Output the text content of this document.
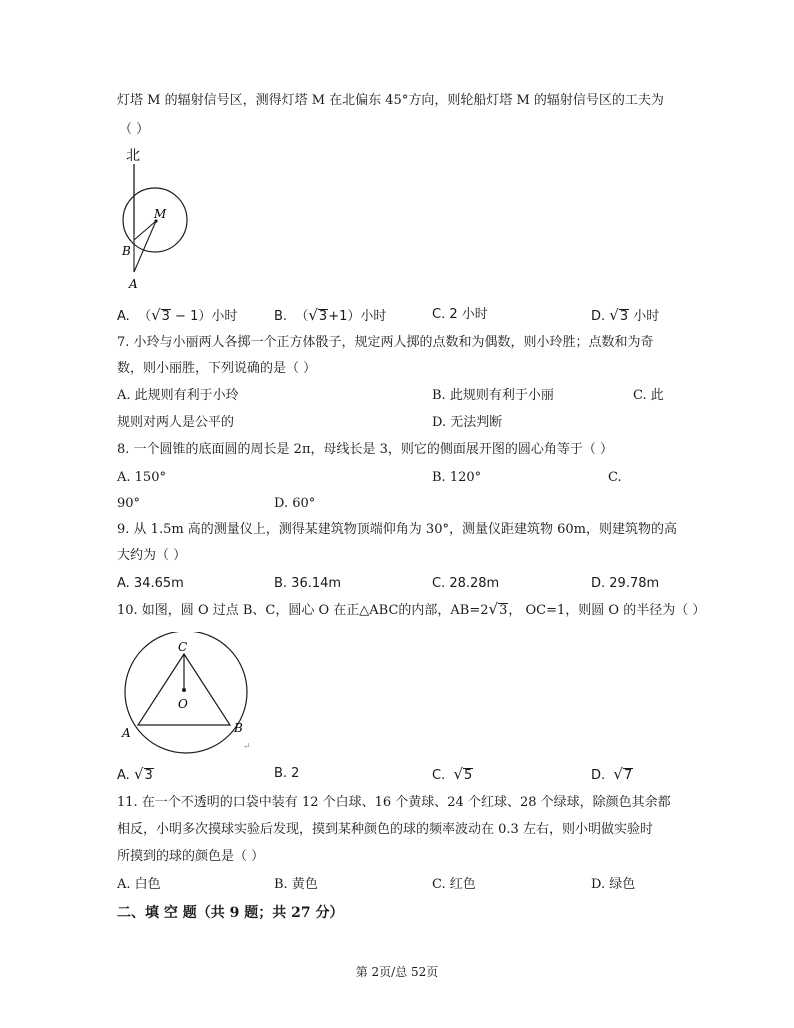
灯塔 M 的辐射信号区，测得灯塔 M 在北偏东 45°方向，则轮船灯塔 M 的辐射信号区的工夫为
（ ）
北
M
B
A
A. （√3 − 1）小时	B. （√3+1）小时	C. 2 小时	D. √3 小时
7. 小玲与小丽两人各掷一个正方体骰子，规定两人掷的点数和为偶数，则小玲胜；点数和为奇
数，则小丽胜，下列说确的是（ ）
A. 此规则有利于小玲	B. 此规则有利于小丽	C. 此
规则对两人是公平的	D. 无法判断
8. 一个圆锥的底面圆的周长是 2π，母线长是 3，则它的侧面展开图的圆心角等于（ ）
A. 150°	B. 120°	C.
90°	D. 60°
9. 从 1.5m 高的测量仪上，测得某建筑物顶端仰角为 30°，测量仪距建筑物 60m，则建筑物的高
大约为（ ）
A. 34.65m	B. 36.14m	C. 28.28m	D. 29.78m
10. 如图，圆 O 过点 B、C，圆心 O 在正△ABC的内部，AB=2√3， OC=1，则圆 O 的半径为（ ）
C
O
A	B
↵
A. √3	B. 2	C. √5	D. √7
11. 在一个不透明的口袋中装有 12 个白球、16 个黄球、24 个红球、28 个绿球，除颜色其余都
相反，小明多次摸球实验后发现，摸到某种颜色的球的频率波动在 0.3 左右，则小明做实验时
所摸到的球的颜色是（ ）
A. 白色	B. 黄色	C. 红色	D. 绿色
二、填 空 题（共 9 题；共 27 分）
第 2页/总 52页
